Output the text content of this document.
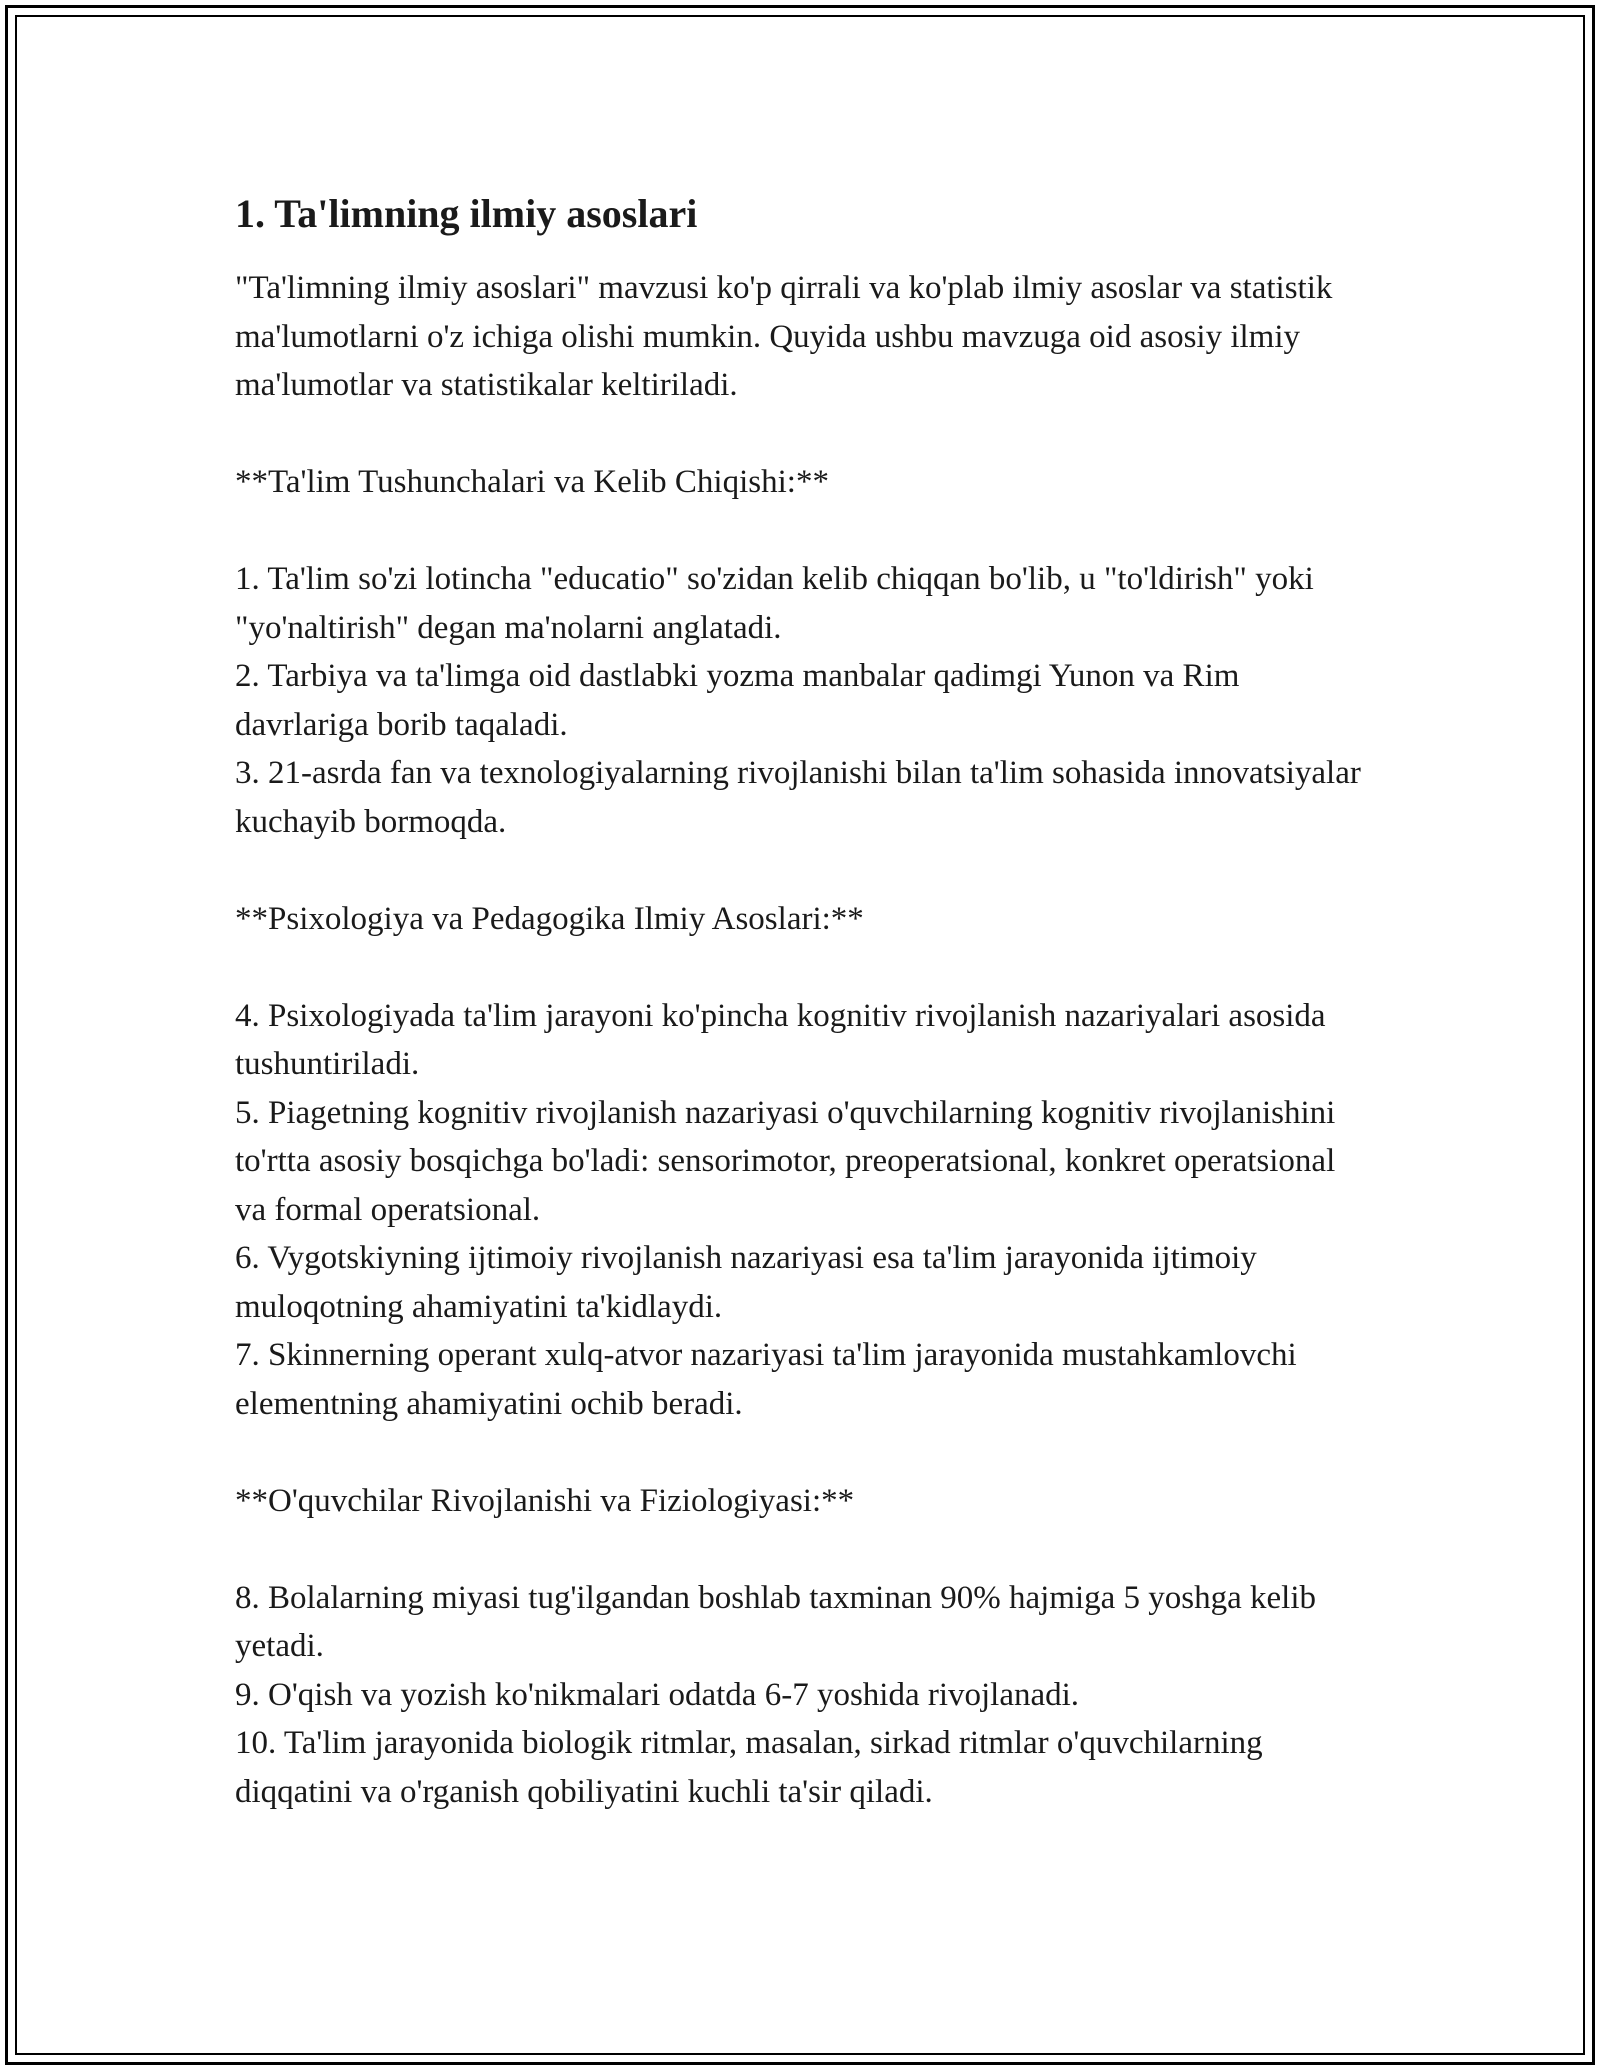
1. Ta'limning ilmiy asoslari

"Ta'limning ilmiy asoslari" mavzusi ko'p qirrali va ko'plab ilmiy asoslar va statistik ma'lumotlarni o'z ichiga olishi mumkin. Quyida ushbu mavzuga oid asosiy ilmiy ma'lumotlar va statistikalar keltiriladi.

**Ta'lim Tushunchalari va Kelib Chiqishi:**

1. Ta'lim so'zi lotincha "educatio" so'zidan kelib chiqqan bo'lib, u "to'ldirish" yoki "yo'naltirish" degan ma'nolarni anglatadi.

2. Tarbiya va ta'limga oid dastlabki yozma manbalar qadimgi Yunon va Rim davrlariga borib taqaladi.

3. 21-asrda fan va texnologiyalarning rivojlanishi bilan ta'lim sohasida innovatsiyalar kuchayib bormoqda.

**Psixologiya va Pedagogika Ilmiy Asoslari:**

4. Psixologiyada ta'lim jarayoni ko'pincha kognitiv rivojlanish nazariyalari asosida tushuntiriladi.

5. Piagetning kognitiv rivojlanish nazariyasi o'quvchilarning kognitiv rivojlanishini to'rtta asosiy bosqichga bo'ladi: sensorimotor, preoperatsional, konkret operatsional va formal operatsional.

6. Vygotskiyning ijtimoiy rivojlanish nazariyasi esa ta'lim jarayonida ijtimoiy muloqotning ahamiyatini ta'kidlaydi.

7. Skinnerning operant xulq-atvor nazariyasi ta'lim jarayonida mustahkamlovchi elementning ahamiyatini ochib beradi.

**O'quvchilar Rivojlanishi va Fiziologiyasi:**

8. Bolalarning miyasi tug'ilgandan boshlab taxminan 90% hajmiga 5 yoshga kelib yetadi.

9. O'qish va yozish ko'nikmalari odatda 6-7 yoshida rivojlanadi.

10. Ta'lim jarayonida biologik ritmlar, masalan, sirkad ritmlar o'quvchilarning diqqatini va o'rganish qobiliyatini kuchli ta'sir qiladi.
